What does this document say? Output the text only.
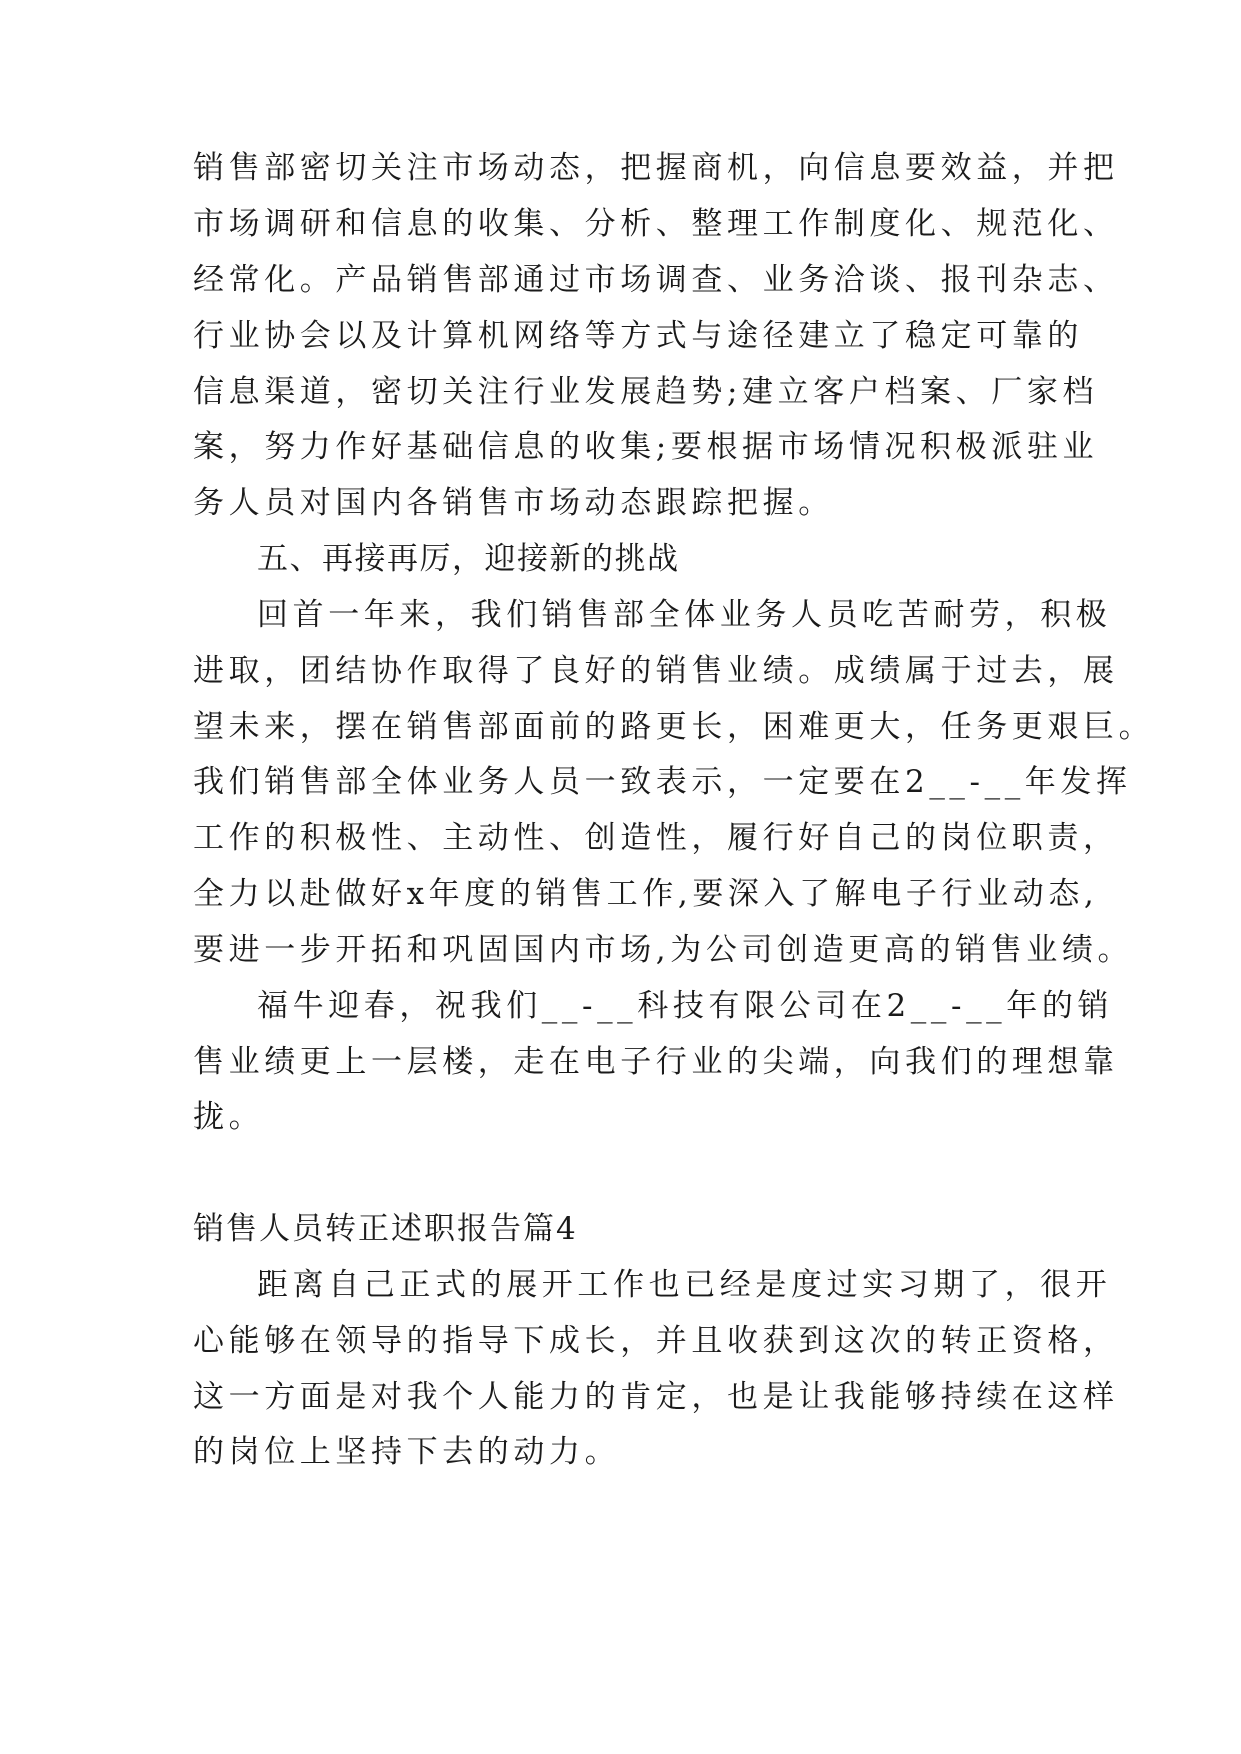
销售部密切关注市场动态，把握商机，向信息要效益，并把
市场调研和信息的收集、分析、整理工作制度化、规范化、
经常化。产品销售部通过市场调查、业务洽谈、报刊杂志、
行业协会以及计算机网络等方式与途径建立了稳定可靠的
信息渠道，密切关注行业发展趋势;建立客户档案、厂家档
案，努力作好基础信息的收集;要根据市场情况积极派驻业
务人员对国内各销售市场动态跟踪把握。
五、再接再厉，迎接新的挑战
回首一年来，我们销售部全体业务人员吃苦耐劳，积极
进取，团结协作取得了良好的销售业绩。成绩属于过去，展
望未来，摆在销售部面前的路更长，困难更大，任务更艰巨。
我们销售部全体业务人员一致表示，一定要在2__-__年发挥
工作的积极性、主动性、创造性，履行好自己的岗位职责，
全力以赴做好x年度的销售工作,要深入了解电子行业动态,
要进一步开拓和巩固国内市场,为公司创造更高的销售业绩。
福牛迎春，祝我们__-__科技有限公司在2__-__年的销
售业绩更上一层楼，走在电子行业的尖端，向我们的理想靠
拢。
销售人员转正述职报告篇4
距离自己正式的展开工作也已经是度过实习期了，很开
心能够在领导的指导下成长，并且收获到这次的转正资格，
这一方面是对我个人能力的肯定，也是让我能够持续在这样
的岗位上坚持下去的动力。
